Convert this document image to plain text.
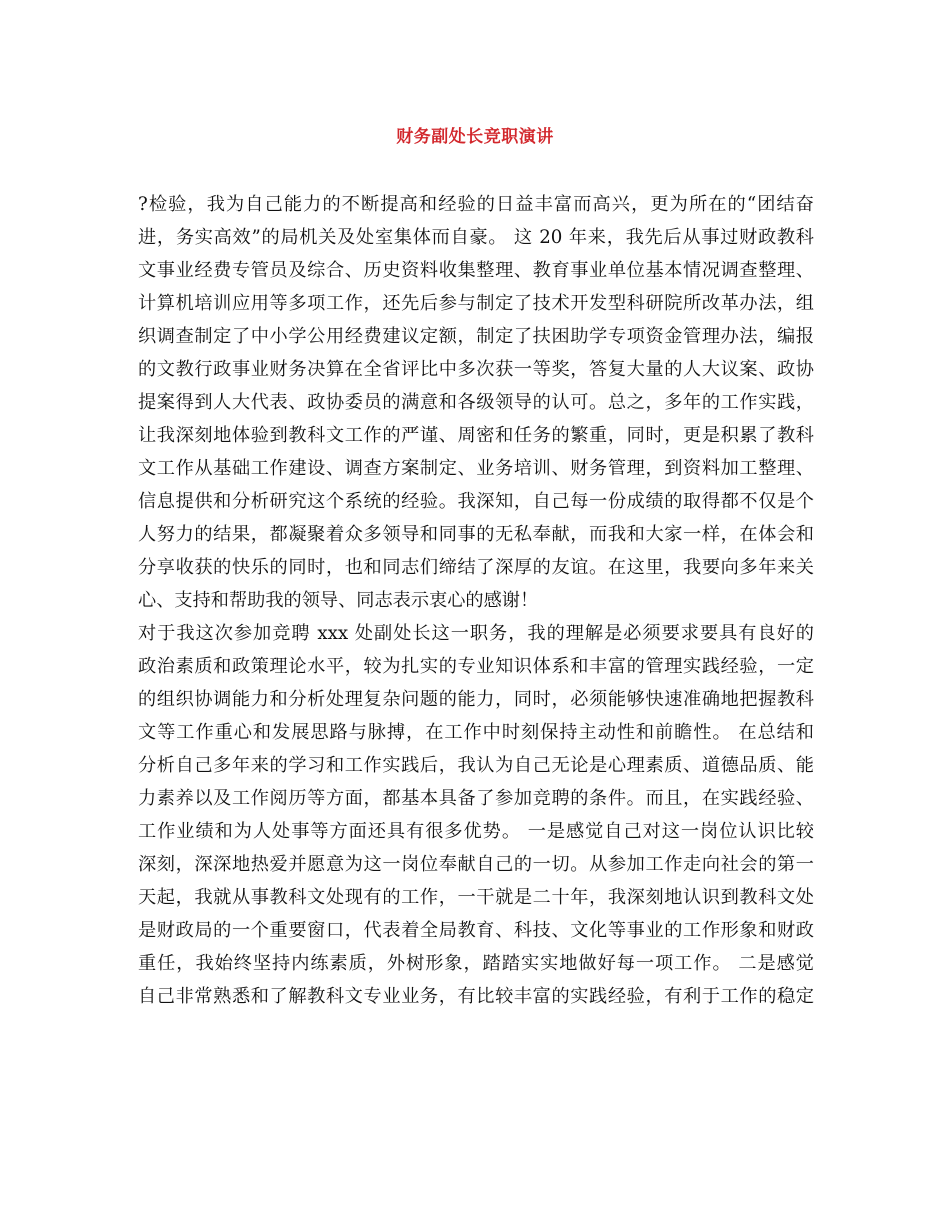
财务副处长竞职演讲
?检验，我为自己能力的不断提高和经验的日益丰富而高兴，更为所在的“团结奋
进，务实高效”的局机关及处室集体而自豪。 这 20 年来，我先后从事过财政教科
文事业经费专管员及综合、历史资料收集整理、教育事业单位基本情况调查整理、
计算机培训应用等多项工作，还先后参与制定了技术开发型科研院所改革办法，组
织调查制定了中小学公用经费建议定额，制定了扶困助学专项资金管理办法，编报
的文教行政事业财务决算在全省评比中多次获一等奖，答复大量的人大议案、政协
提案得到人大代表、政协委员的满意和各级领导的认可。总之，多年的工作实践，
让我深刻地体验到教科文工作的严谨、周密和任务的繁重，同时，更是积累了教科
文工作从基础工作建设、调查方案制定、业务培训、财务管理，到资料加工整理、
信息提供和分析研究这个系统的经验。我深知，自己每一份成绩的取得都不仅是个
人努力的结果，都凝聚着众多领导和同事的无私奉献，而我和大家一样，在体会和
分享收获的快乐的同时，也和同志们缔结了深厚的友谊。在这里，我要向多年来关
心、支持和帮助我的领导、同志表示衷心的感谢！
对于我这次参加竞聘 xxx 处副处长这一职务，我的理解是必须要求要具有良好的
政治素质和政策理论水平，较为扎实的专业知识体系和丰富的管理实践经验，一定
的组织协调能力和分析处理复杂问题的能力，同时，必须能够快速准确地把握教科
文等工作重心和发展思路与脉搏，在工作中时刻保持主动性和前瞻性。 在总结和
分析自己多年来的学习和工作实践后，我认为自己无论是心理素质、道德品质、能
力素养以及工作阅历等方面，都基本具备了参加竞聘的条件。而且，在实践经验、
工作业绩和为人处事等方面还具有很多优势。 一是感觉自己对这一岗位认识比较
深刻，深深地热爱并愿意为这一岗位奉献自己的一切。从参加工作走向社会的第一
天起，我就从事教科文处现有的工作，一干就是二十年，我深刻地认识到教科文处
是财政局的一个重要窗口，代表着全局教育、科技、文化等事业的工作形象和财政
重任，我始终坚持内练素质，外树形象，踏踏实实地做好每一项工作。 二是感觉
自己非常熟悉和了解教科文专业业务，有比较丰富的实践经验，有利于工作的稳定
